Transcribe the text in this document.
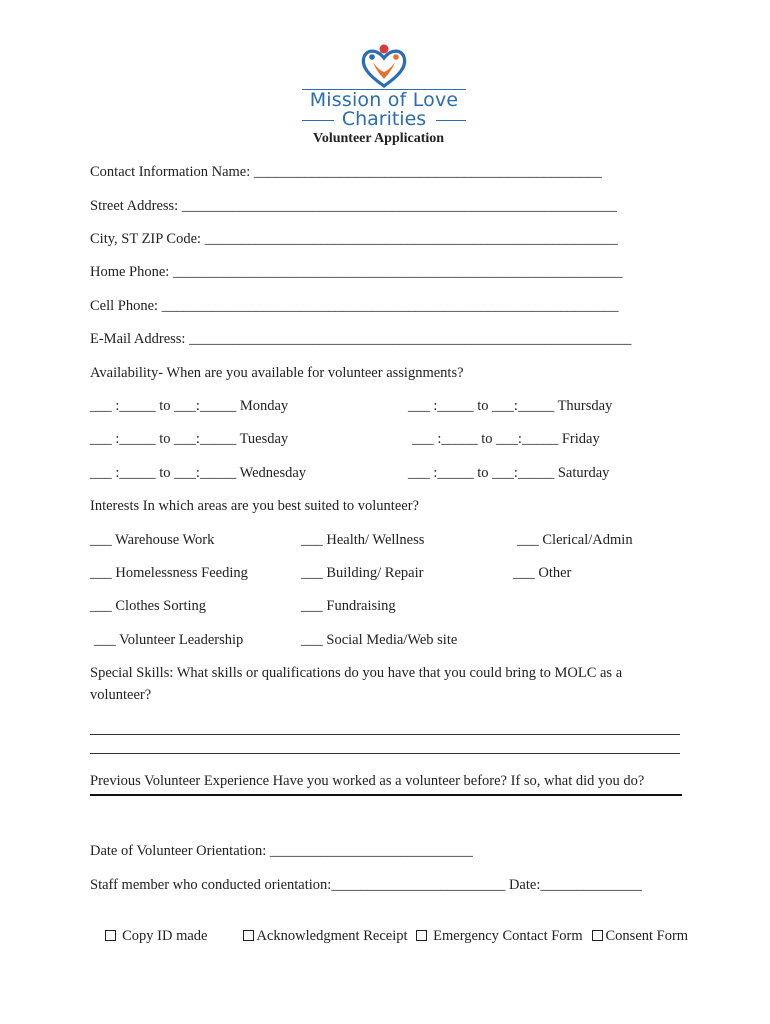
Mission of Love
Charities
Volunteer Application
Contact Information Name: ________________________________________________
Street Address: ____________________________________________________________
City, ST ZIP Code: _________________________________________________________
Home Phone: ______________________________________________________________
Cell Phone: _______________________________________________________________
E-Mail Address: _____________________________________________________________
Availability- When are you available for volunteer assignments?
___ :_____ to ___:_____ Monday	___ :_____ to ___:_____ Thursday
___ :_____ to ___:_____ Tuesday	___ :_____ to ___:_____ Friday
___ :_____ to ___:_____ Wednesday	___ :_____ to ___:_____ Saturday
Interests In which areas are you best suited to volunteer?
___ Warehouse Work	___ Health/ Wellness	___ Clerical/Admin
___ Homelessness Feeding	___ Building/ Repair	___ Other
___ Clothes Sorting	___ Fundraising
___ Volunteer Leadership	___ Social Media/Web site
Special Skills: What skills or qualifications do you have that you could bring to MOLC as a
volunteer?
Previous Volunteer Experience Have you worked as a volunteer before? If so, what did you do?
Date of Volunteer Orientation: ____________________________
Staff member who conducted orientation:________________________ Date:______________

Copy ID made
	Acknowledgment Receipt
	Emergency Contact Form
	Consent Form
